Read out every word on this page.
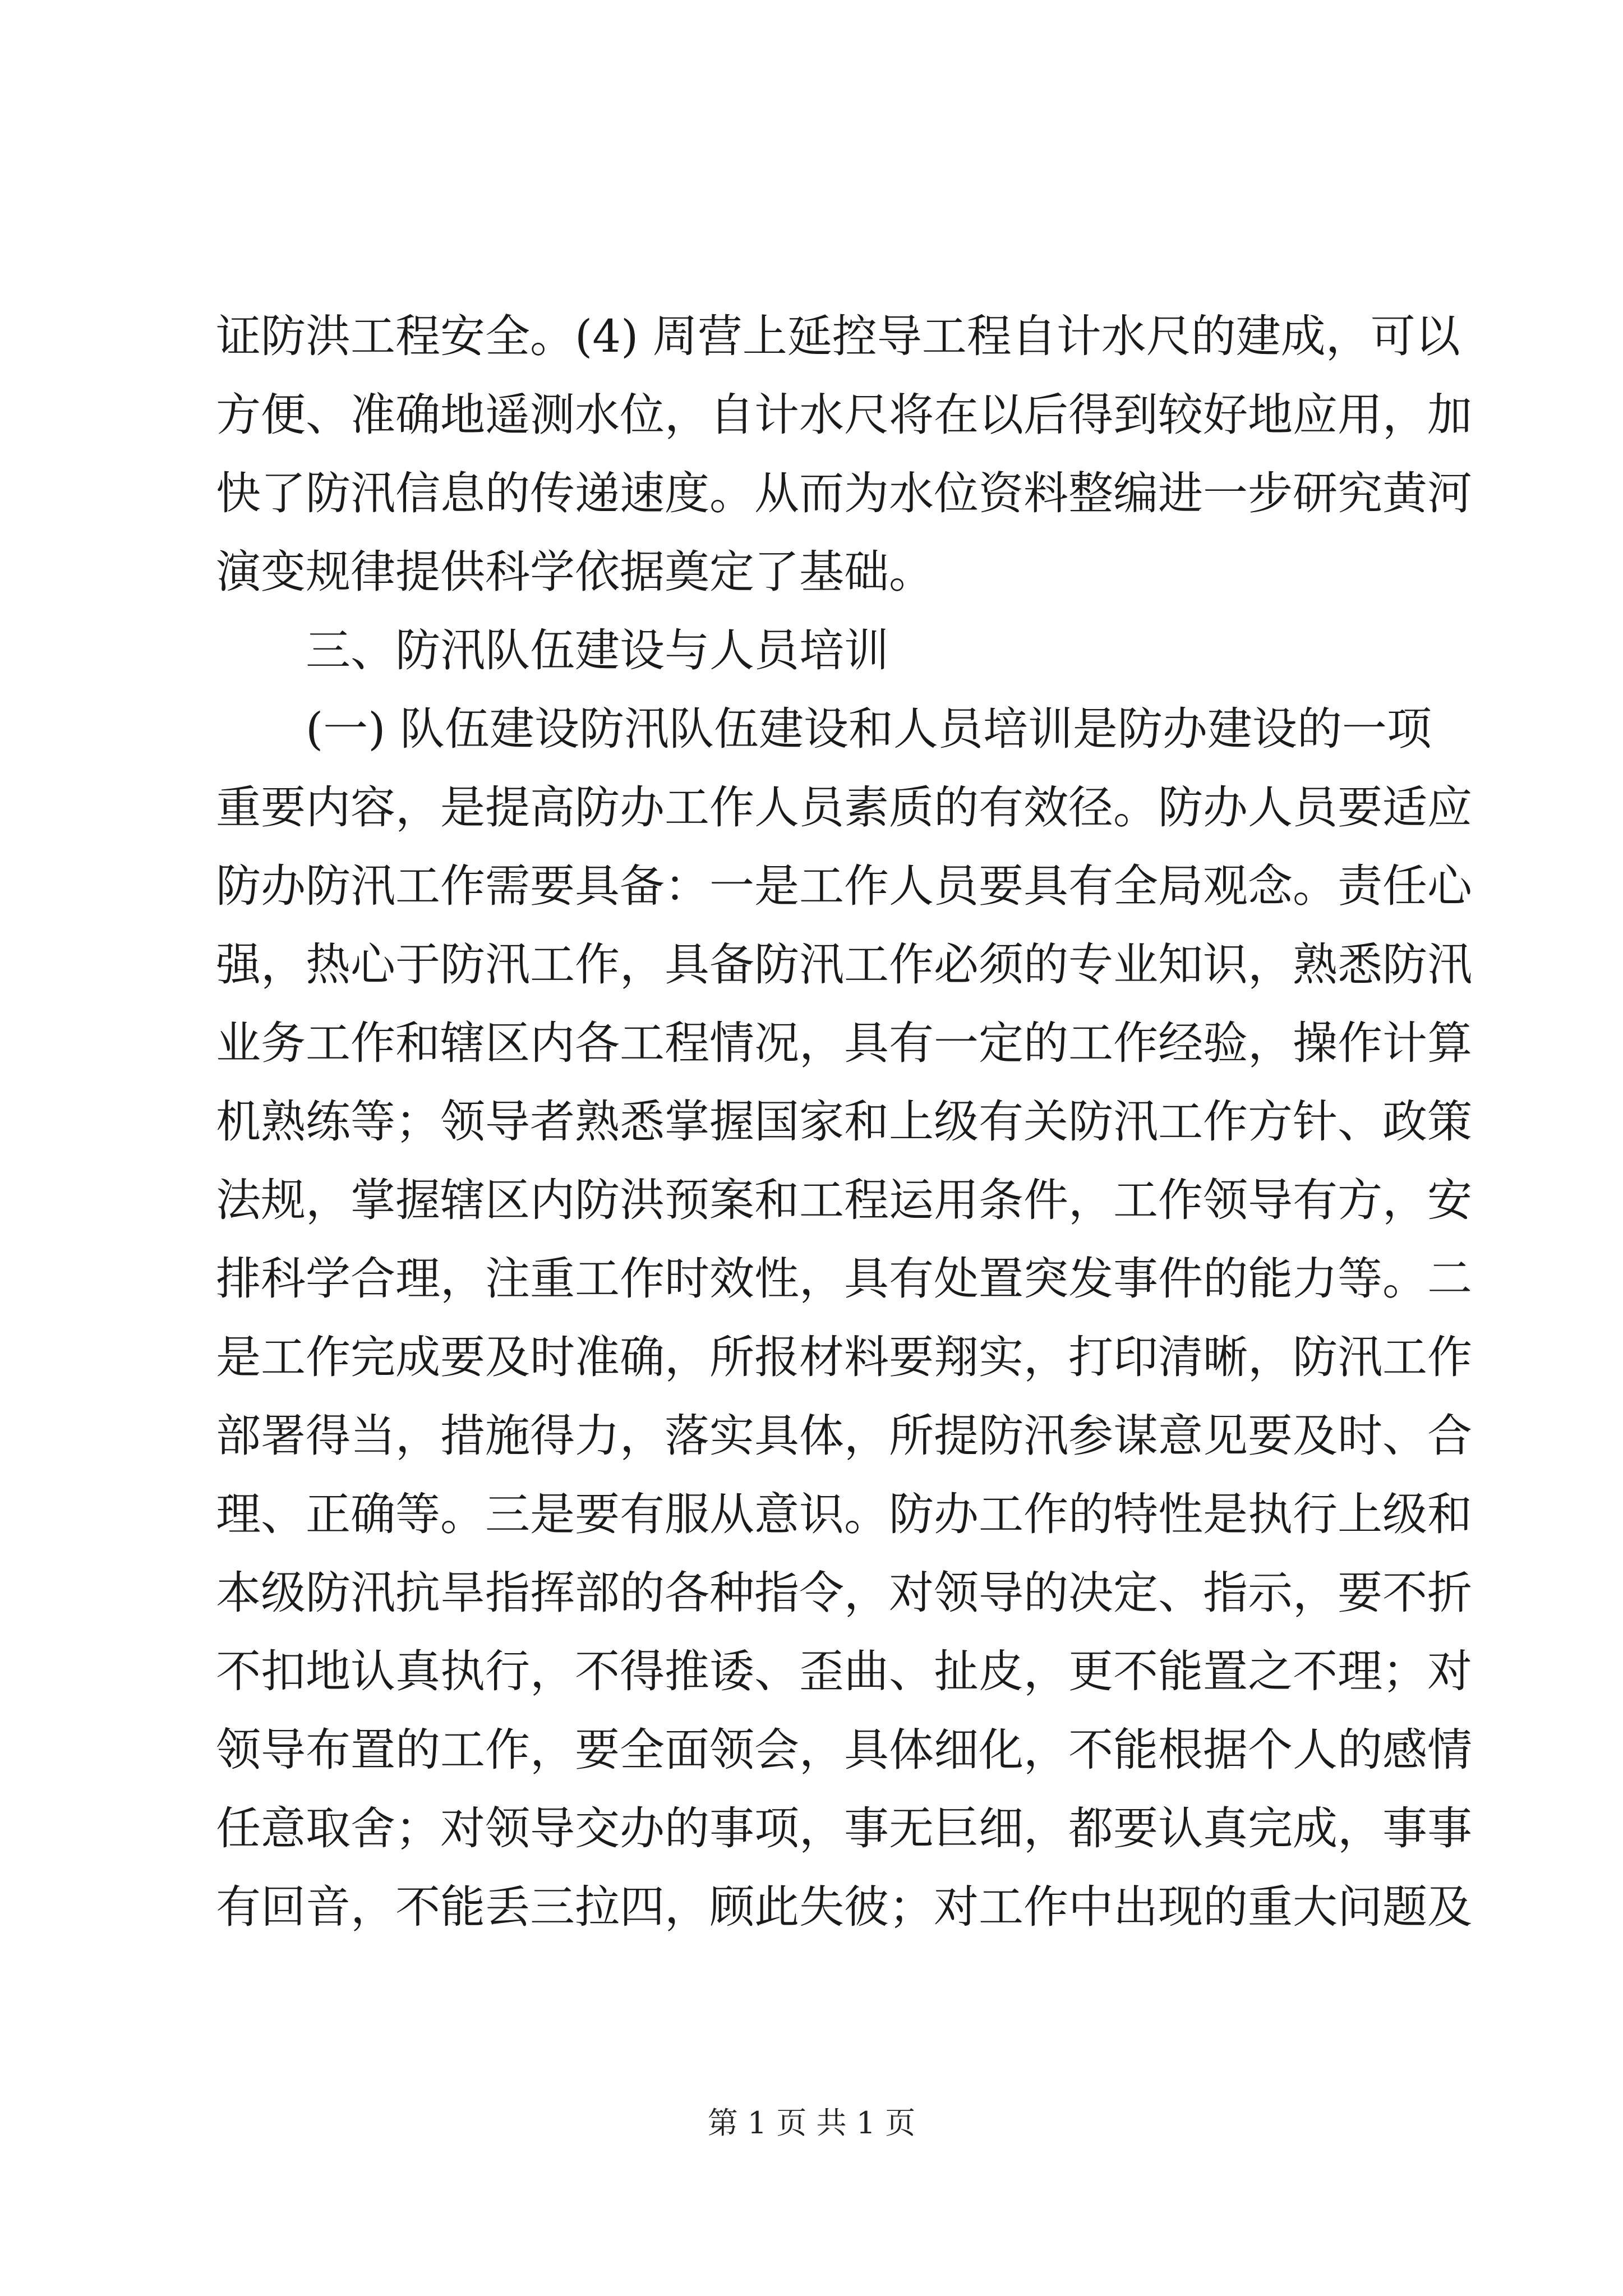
证防洪工程安全。(4) 周营上延控导工程自计水尺的建成，可以
方便、准确地遥测水位，自计水尺将在以后得到较好地应用，加
快了防汛信息的传递速度。从而为水位资料整编进一步研究黄河
演变规律提供科学依据奠定了基础。
三、防汛队伍建设与人员培训
(一) 队伍建设防汛队伍建设和人员培训是防办建设的一项
重要内容，是提高防办工作人员素质的有效径。防办人员要适应
防办防汛工作需要具备：一是工作人员要具有全局观念。责任心
强，热心于防汛工作，具备防汛工作必须的专业知识，熟悉防汛
业务工作和辖区内各工程情况，具有一定的工作经验，操作计算
机熟练等；领导者熟悉掌握国家和上级有关防汛工作方针、政策
法规，掌握辖区内防洪预案和工程运用条件，工作领导有方，安
排科学合理，注重工作时效性，具有处置突发事件的能力等。二
是工作完成要及时准确，所报材料要翔实，打印清晰，防汛工作
部署得当，措施得力，落实具体，所提防汛参谋意见要及时、合
理、正确等。三是要有服从意识。防办工作的特性是执行上级和
本级防汛抗旱指挥部的各种指令，对领导的决定、指示，要不折
不扣地认真执行，不得推诿、歪曲、扯皮，更不能置之不理；对
领导布置的工作，要全面领会，具体细化，不能根据个人的感情
任意取舍；对领导交办的事项，事无巨细，都要认真完成，事事
有回音，不能丢三拉四，顾此失彼；对工作中出现的重大问题及
第 1 页 共 1 页
